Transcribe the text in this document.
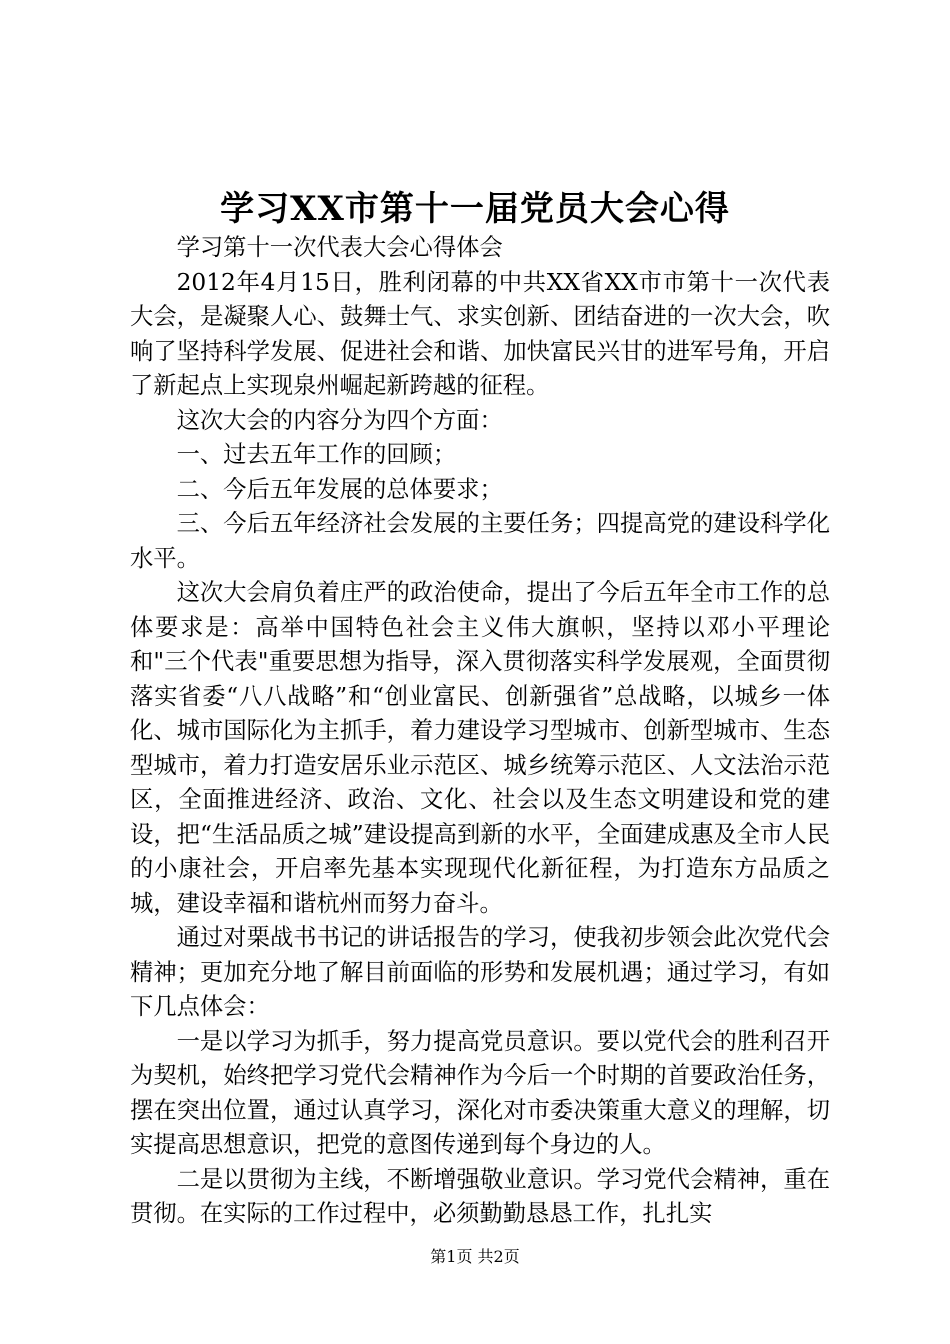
学习XX市第十一届党员大会心得

学习第十一次代表大会心得体会

2012年4月15日，胜利闭幕的中共XX省XX市市第十一次代表大会，是凝聚人心、鼓舞士气、求实创新、团结奋进的一次大会，吹响了坚持科学发展、促进社会和谐、加快富民兴甘的进军号角，开启了新起点上实现泉州崛起新跨越的征程。

这次大会的内容分为四个方面：

一、过去五年工作的回顾；

二、今后五年发展的总体要求；

三、今后五年经济社会发展的主要任务；四提高党的建设科学化水平。

这次大会肩负着庄严的政治使命，提出了今后五年全市工作的总体要求是：高举中国特色社会主义伟大旗帜，坚持以邓小平理论和"三个代表"重要思想为指导，深入贯彻落实科学发展观，全面贯彻落实省委“八八战略”和“创业富民、创新强省”总战略，以城乡一体化、城市国际化为主抓手，着力建设学习型城市、创新型城市、生态型城市，着力打造安居乐业示范区、城乡统筹示范区、人文法治示范区，全面推进经济、政治、文化、社会以及生态文明建设和党的建设，把“生活品质之城”建设提高到新的水平，全面建成惠及全市人民的小康社会，开启率先基本实现现代化新征程，为打造东方品质之城，建设幸福和谐杭州而努力奋斗。

通过对栗战书书记的讲话报告的学习，使我初步领会此次党代会精神；更加充分地了解目前面临的形势和发展机遇；通过学习，有如下几点体会：

一是以学习为抓手，努力提高党员意识。要以党代会的胜利召开为契机，始终把学习党代会精神作为今后一个时期的首要政治任务，摆在突出位置，通过认真学习，深化对市委决策重大意义的理解，切实提高思想意识，把党的意图传递到每个身边的人。

二是以贯彻为主线，不断增强敬业意识。学习党代会精神，重在贯彻。在实际的工作过程中，必须勤勤恳恳工作，扎扎实

第1页 共2页
